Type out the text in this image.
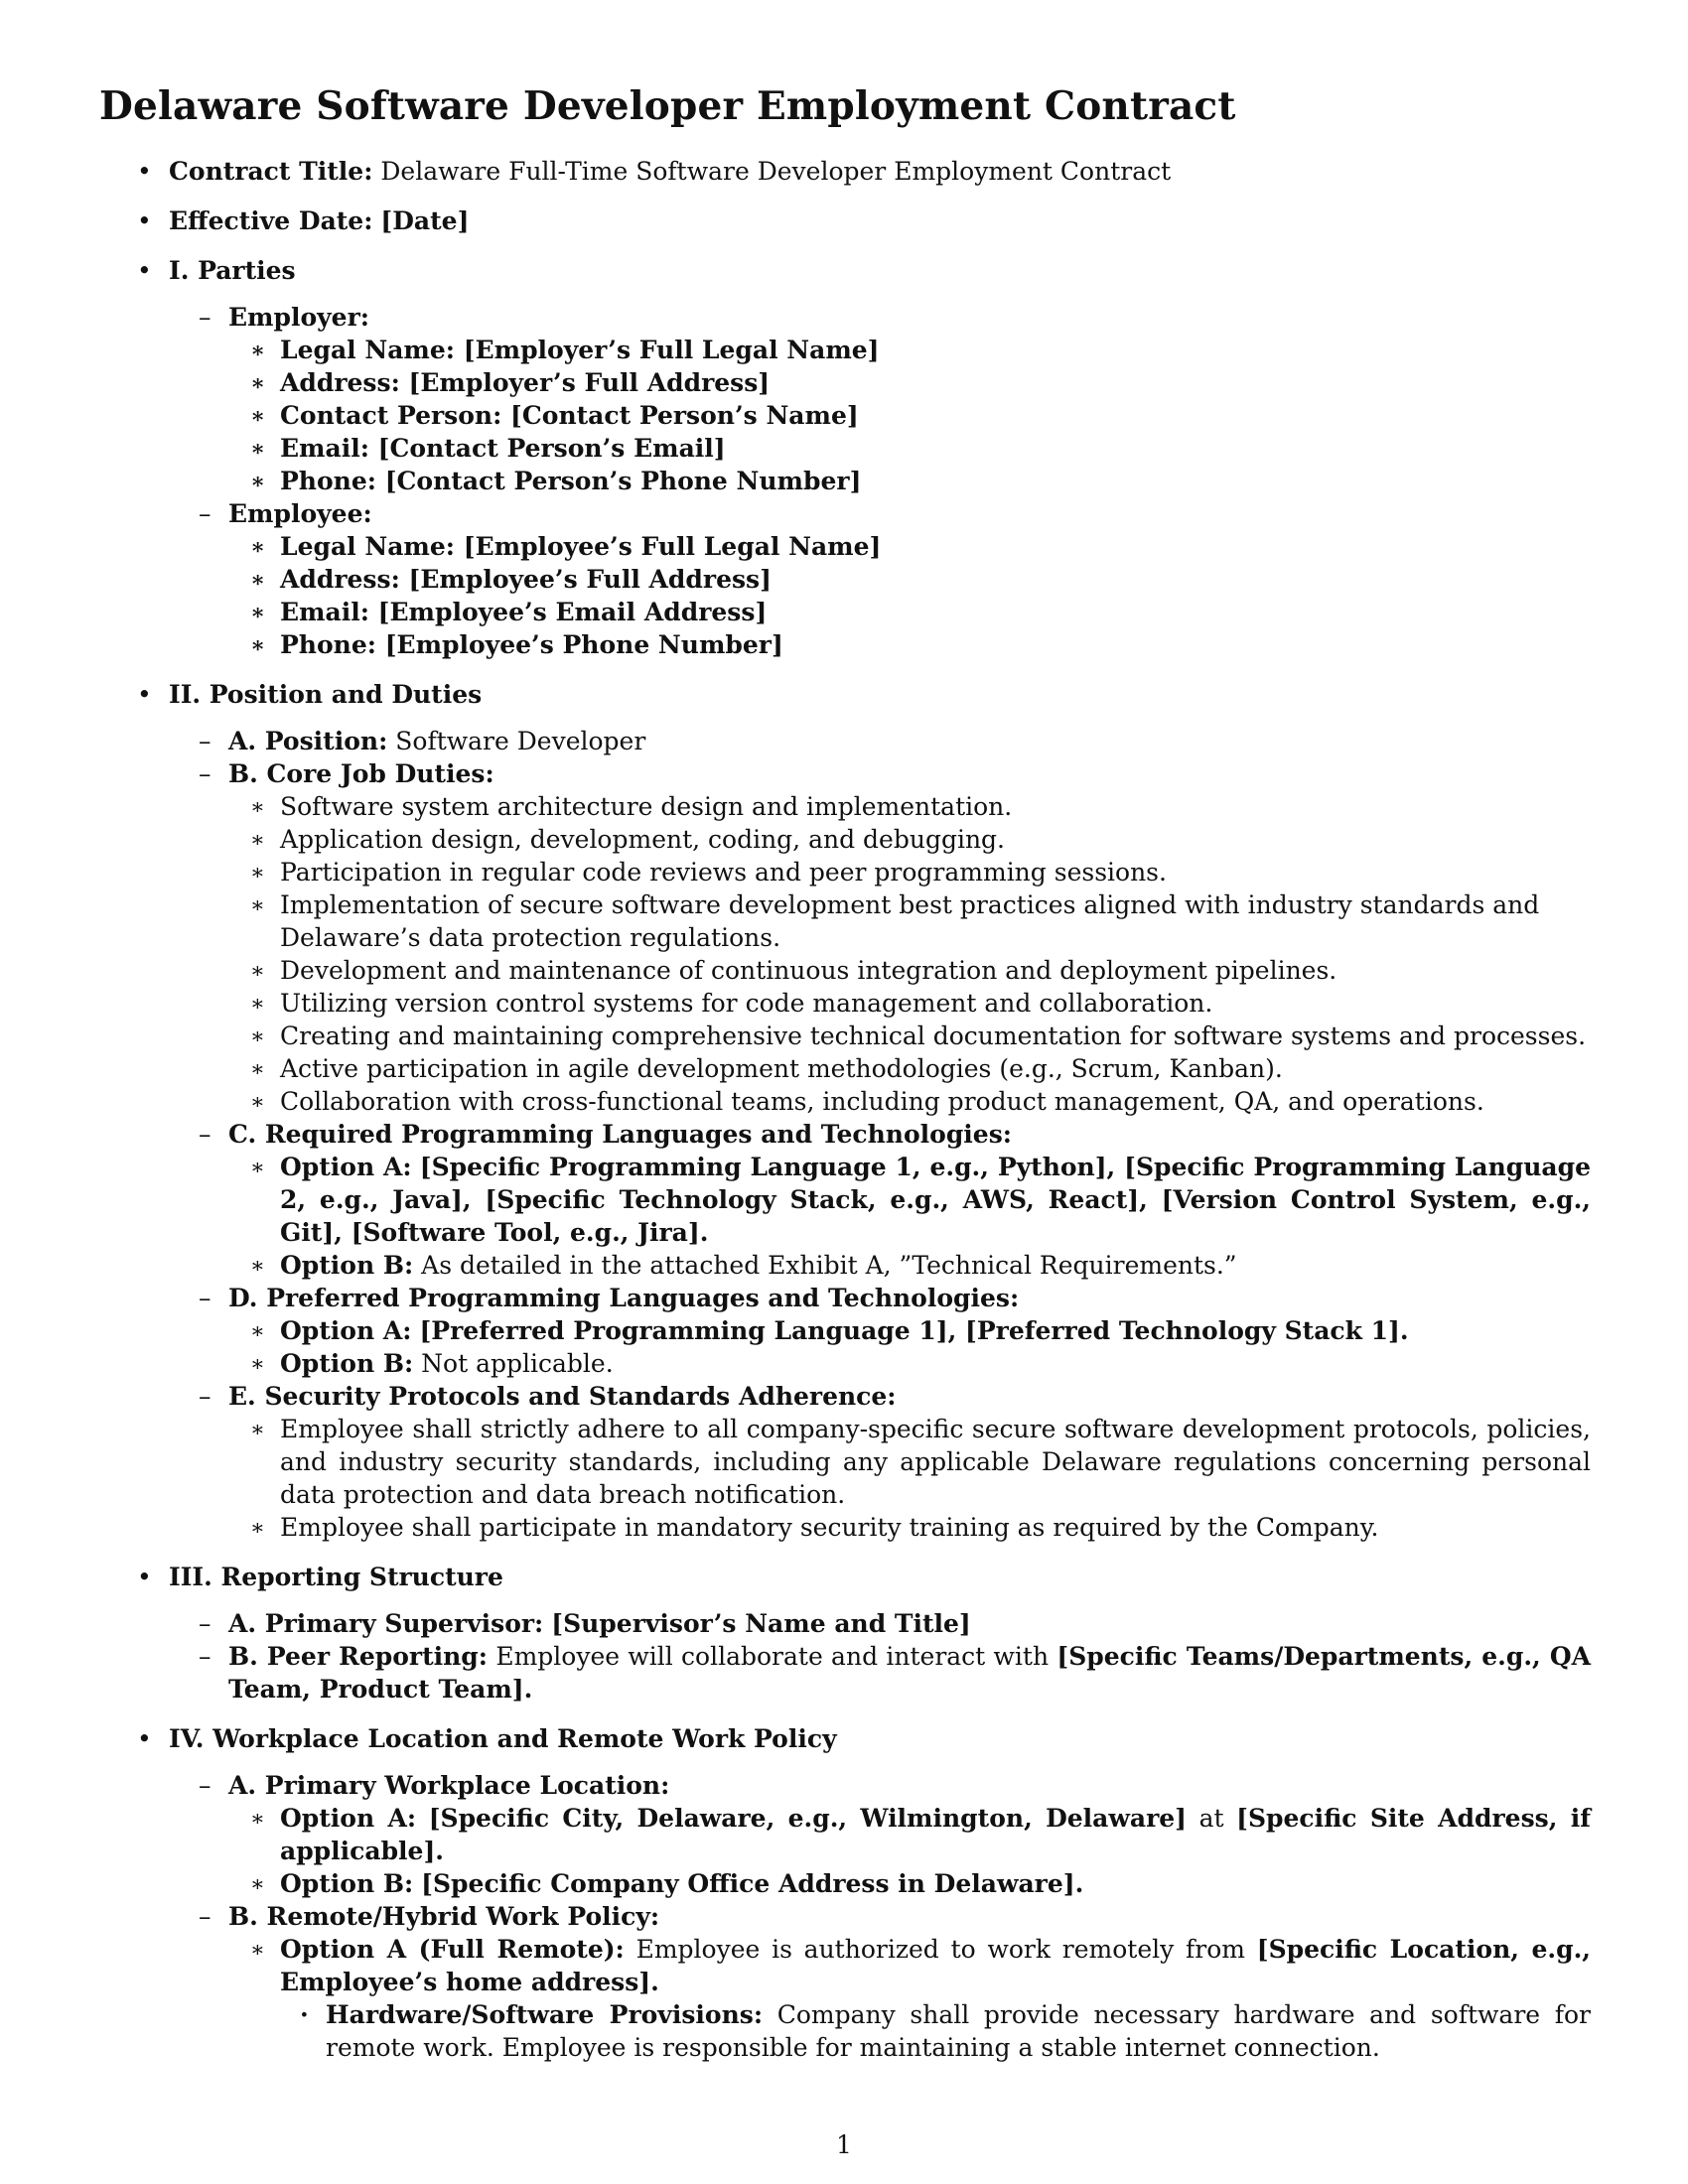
Delaware Software Developer Employment Contract
• Contract Title: Delaware Full-Time Software Developer Employment Contract
• Effective Date: [Date]
• I. Parties
– Employer:
∗ Legal Name: [Employer’s Full Legal Name]
∗ Address: [Employer’s Full Address]
∗ Contact Person: [Contact Person’s Name]
∗ Email: [Contact Person’s Email]
∗ Phone: [Contact Person’s Phone Number]
– Employee:
∗ Legal Name: [Employee’s Full Legal Name]
∗ Address: [Employee’s Full Address]
∗ Email: [Employee’s Email Address]
∗ Phone: [Employee’s Phone Number]
• II. Position and Duties
– A. Position: Software Developer
– B. Core Job Duties:
∗ Software system architecture design and implementation.
∗ Application design, development, coding, and debugging.
∗ Participation in regular code reviews and peer programming sessions.
∗ Implementation of secure software development best practices aligned with industry standards and Delaware’s data protection regulations.
∗ Development and maintenance of continuous integration and deployment pipelines.
∗ Utilizing version control systems for code management and collaboration.
∗ Creating and maintaining comprehensive technical documentation for software systems and processes.
∗ Active participation in agile development methodologies (e.g., Scrum, Kanban).
∗ Collaboration with cross-functional teams, including product management, QA, and operations.
– C. Required Programming Languages and Technologies:
∗ Option A: [Specific Programming Language 1, e.g., Python], [Specific Programming Language 2, e.g., Java], [Specific Technology Stack, e.g., AWS, React], [Version Control System, e.g., Git], [Software Tool, e.g., Jira].
∗ Option B: As detailed in the attached Exhibit A, ”Technical Requirements.”
– D. Preferred Programming Languages and Technologies:
∗ Option A: [Preferred Programming Language 1], [Preferred Technology Stack 1].
∗ Option B: Not applicable.
– E. Security Protocols and Standards Adherence:
∗ Employee shall strictly adhere to all company-specific secure software development protocols, policies, and industry security standards, including any applicable Delaware regulations concerning personal data protection and data breach notification.
∗ Employee shall participate in mandatory security training as required by the Company.
• III. Reporting Structure
– A. Primary Supervisor: [Supervisor’s Name and Title]
– B. Peer Reporting: Employee will collaborate and interact with [Specific Teams/Departments, e.g., QA Team, Product Team].
• IV. Workplace Location and Remote Work Policy
– A. Primary Workplace Location:
∗ Option A: [Specific City, Delaware, e.g., Wilmington, Delaware] at [Specific Site Address, if applicable].
∗ Option B: [Specific Company Office Address in Delaware].
– B. Remote/Hybrid Work Policy:
∗ Option A (Full Remote): Employee is authorized to work remotely from [Specific Location, e.g., Employee’s home address].
· Hardware/Software Provisions: Company shall provide necessary hardware and software for remote work. Employee is responsible for maintaining a stable internet connection.
1
